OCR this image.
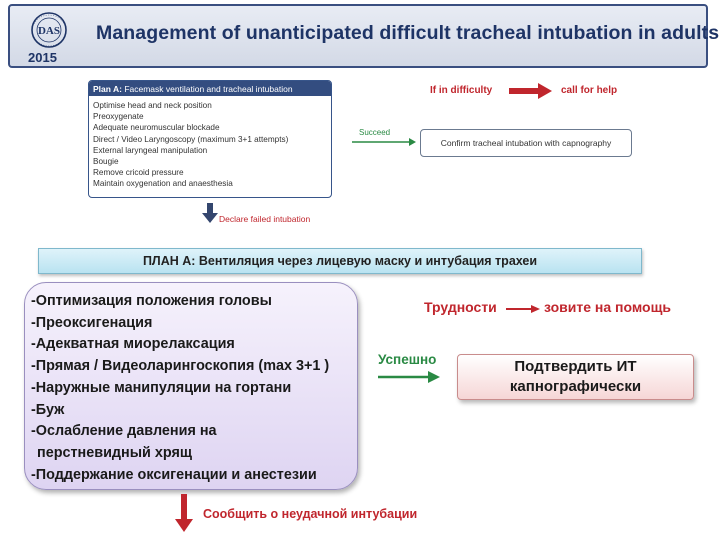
DAS
2015
Management of unanticipated difficult tracheal intubation in adults
Plan A: Facemask ventilation and tracheal intubation
Optimise head and neck position
Preoxygenate
Adequate neuromuscular blockade
Direct / Video Laryngoscopy (maximum 3+1 attempts)
External laryngeal manipulation
Bougie
Remove cricoid pressure
Maintain oxygenation and anaesthesia
If in difficulty	call for help
Succeed
Confirm tracheal intubation with capnography
Declare failed intubation
ПЛАН А: Вентиляция через лицевую маску и интубация трахеи
-Оптимизация положения головы
-Преоксигенация
-Адекватная миорелаксация
-Прямая / Видеоларингоскопия (max 3+1 )
-Наружные манипуляции на гортани
-Буж
-Ослабление давления на
перстневидный хрящ
-Поддержание оксигенации и анестезии
Трудности	зовите на помощь
Успешно	Подтвердить ИТ
капнографически
Сообщить о неудачной интубации
